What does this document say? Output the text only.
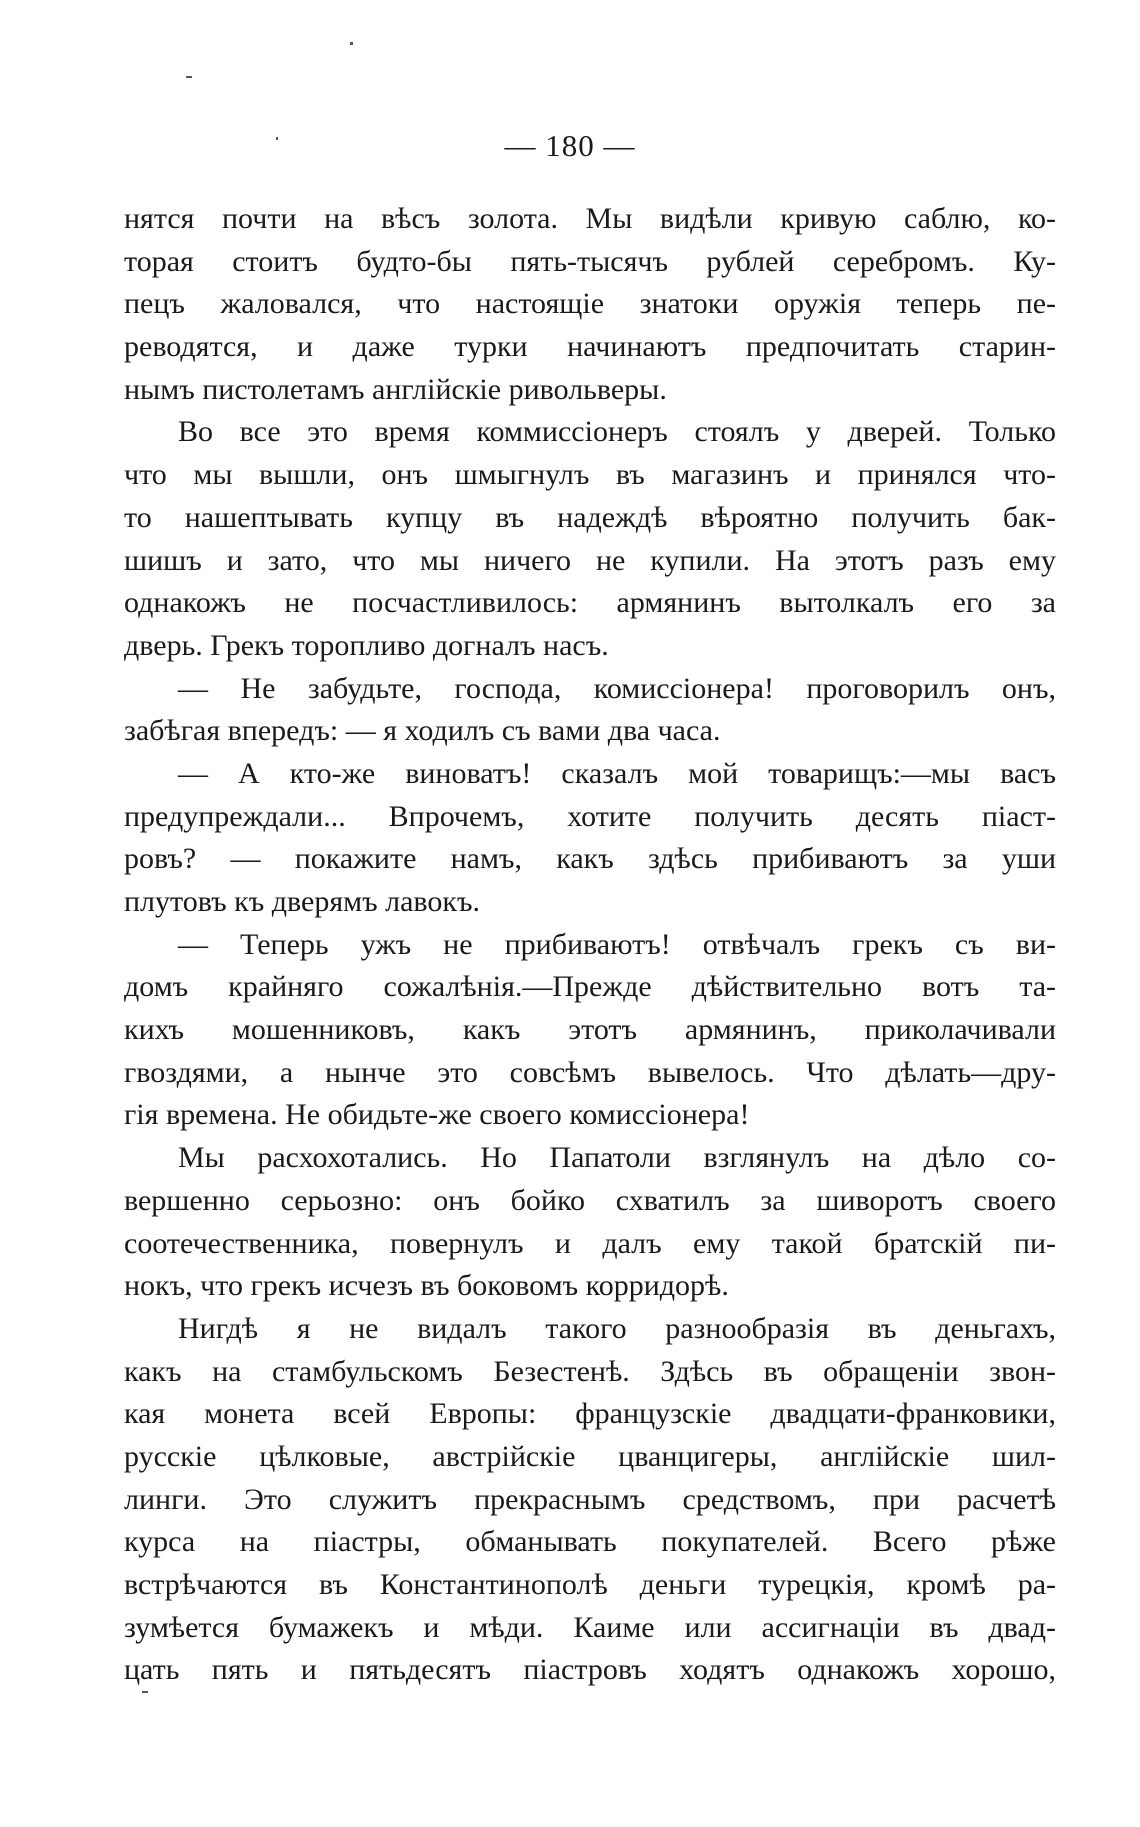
— 180 —
нятся почти на вѣсъ золота. Мы видѣли кривую саблю, ко-
торая стоитъ будто-бы пять-тысячъ рублей серебромъ. Ку-
пецъ жаловался, что настоящіе знатоки оружія теперь пе-
реводятся, и даже турки начинаютъ предпочитать старин-
нымъ пистолетамъ англійскіе ривольверы.
Во все это время коммиссіонеръ стоялъ у дверей. Только
что мы вышли, онъ шмыгнулъ въ магазинъ и принялся что-
то нашептывать купцу въ надеждѣ вѣроятно получить бак-
шишъ и зато, что мы ничего не купили. На этотъ разъ ему
однакожъ не посчастливилось: армянинъ вытолкалъ его за
дверь. Грекъ торопливо догналъ насъ.
— Не забудьте, господа, комиссіонера! проговорилъ онъ,
забѣгая впередъ: — я ходилъ съ вами два часа.
— А кто-же виноватъ! сказалъ мой товарищъ:—мы васъ
предупреждали... Впрочемъ, хотите получить десять піаст-
ровъ? — покажите намъ, какъ здѣсь прибиваютъ за уши
плутовъ къ дверямъ лавокъ.
— Теперь ужъ не прибиваютъ! отвѣчалъ грекъ съ ви-
домъ крайняго сожалѣнія.—Прежде дѣйствительно вотъ та-
кихъ мошенниковъ, какъ этотъ армянинъ, приколачивали
гвоздями, а нынче это совсѣмъ вывелось. Что дѣлать—дру-
гія времена. Не обидьте-же своего комиссіонера!
Мы расхохотались. Но Папатоли взглянулъ на дѣло со-
вершенно серьозно: онъ бойко схватилъ за шиворотъ своего
соотечественника, повернулъ и далъ ему такой братскій пи-
нокъ, что грекъ исчезъ въ боковомъ корридорѣ.
Нигдѣ я не видалъ такого разнообразія въ деньгахъ,
какъ на стамбульскомъ Безестенѣ. Здѣсь въ обращеніи звон-
кая монета всей Европы: французскіе двадцати-франковики,
русскіе цѣлковые, австрійскіе цванцигеры, англійскіе шил-
линги. Это служитъ прекраснымъ средствомъ, при расчетѣ
курса на піастры, обманывать покупателей. Всего рѣже
встрѣчаются въ Константинополѣ деньги турецкія, кромѣ ра-
зумѣется бумажекъ и мѣди. Каиме или ассигнаціи въ двад-
цать пять и пятьдесятъ піастровъ ходятъ однакожъ хорошо,
